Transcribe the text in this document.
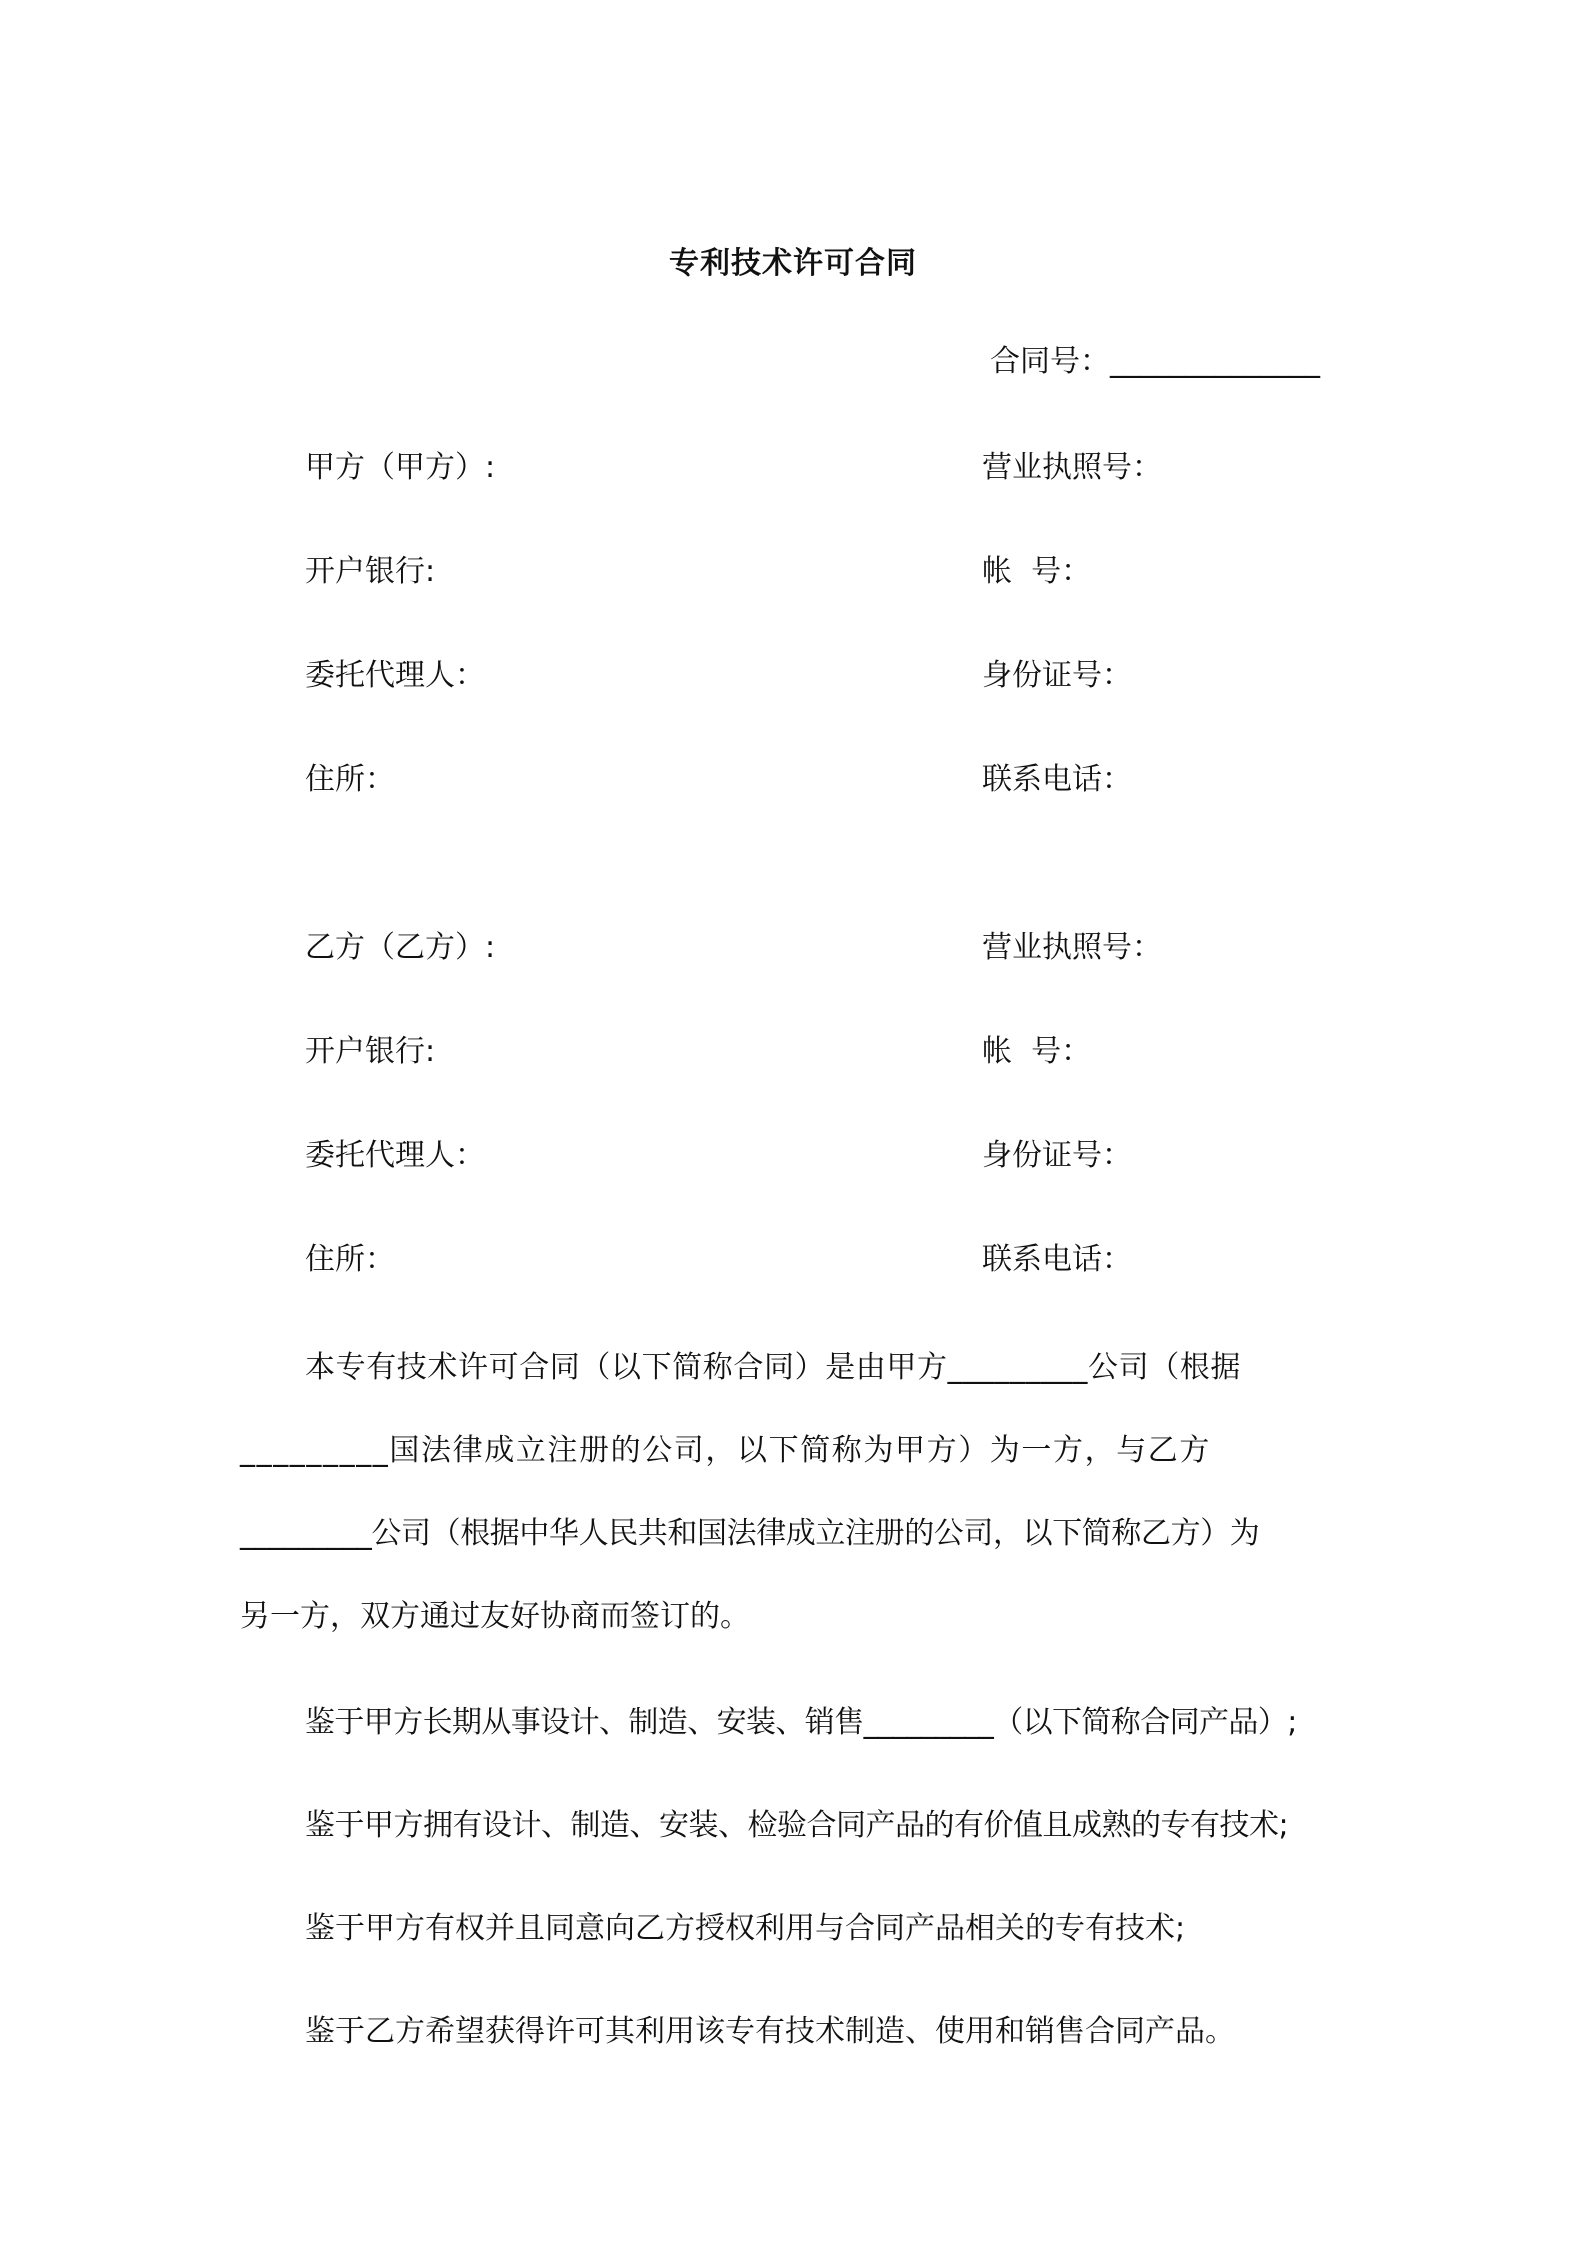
专利技术许可合同
合同号：______________
甲方（甲方）:	营业执照号：
开户银行:	帐  号：
委托代理人：	身份证号：
住所：	联系电话：
乙方（乙方）:	营业执照号：
开户银行:	帐  号：
委托代理人：	身份证号：
住所：	联系电话：
本专有技术许可合同（以下简称合同）是由甲方_________公司（根据
_________国法律成立注册的公司，以下简称为甲方）为一方，与乙方
_________公司（根据中华人民共和国法律成立注册的公司，以下简称乙方）为
另一方，双方通过友好协商而签订的。
鉴于甲方长期从事设计、制造、安装、销售_________（以下简称合同产品）;
鉴于甲方拥有设计、制造、安装、检验合同产品的有价值且成熟的专有技术;
鉴于甲方有权并且同意向乙方授权利用与合同产品相关的专有技术;
鉴于乙方希望获得许可其利用该专有技术制造、使用和销售合同产品。
